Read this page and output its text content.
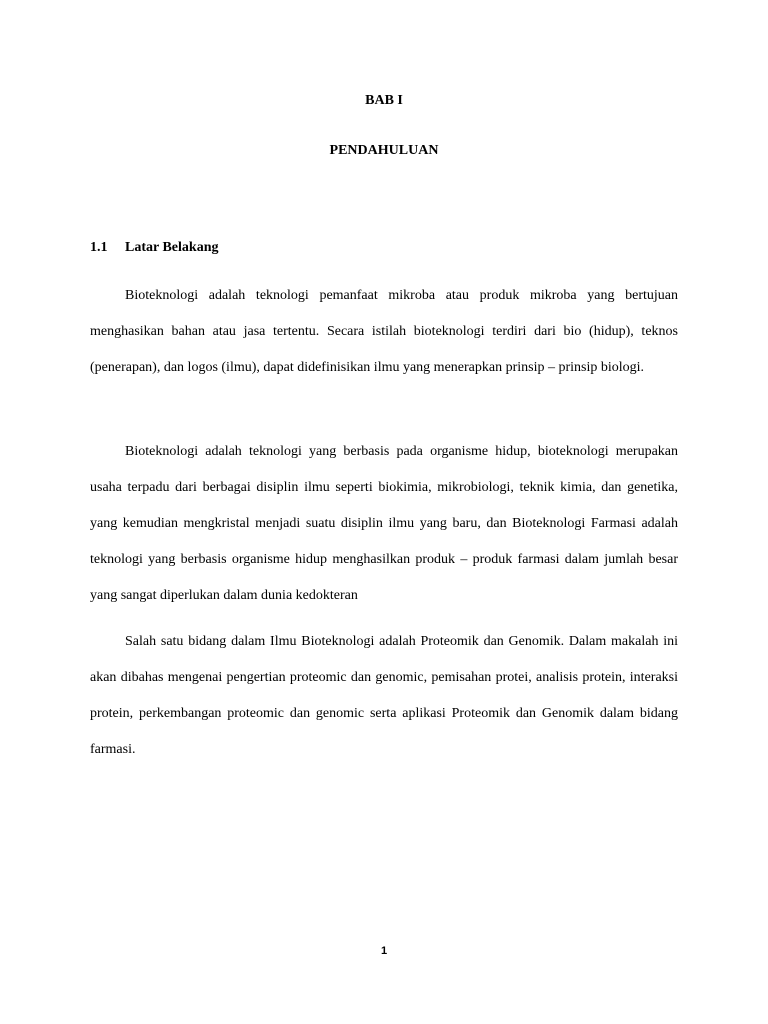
BAB I
PENDAHULUAN
1.1 Latar Belakang

Bioteknologi adalah teknologi pemanfaat mikroba atau produk mikroba yang bertujuan menghasikan bahan atau jasa tertentu. Secara istilah bioteknologi terdiri dari bio (hidup), teknos (penerapan), dan logos (ilmu), dapat didefinisikan ilmu yang menerapkan prinsip – prinsip biologi.

Bioteknologi adalah teknologi yang berbasis pada organisme hidup, bioteknologi merupakan usaha terpadu dari berbagai disiplin ilmu seperti biokimia, mikrobiologi, teknik kimia, dan genetika, yang kemudian mengkristal menjadi suatu disiplin ilmu yang baru, dan Bioteknologi Farmasi adalah teknologi yang berbasis organisme hidup menghasilkan produk – produk farmasi dalam jumlah besar yang sangat diperlukan dalam dunia kedokteran

Salah satu bidang dalam Ilmu Bioteknologi adalah Proteomik dan Genomik. Dalam makalah ini akan dibahas mengenai pengertian proteomic dan genomic, pemisahan protei, analisis protein, interaksi protein, perkembangan proteomic dan genomic serta aplikasi Proteomik dan Genomik dalam bidang farmasi.

1
